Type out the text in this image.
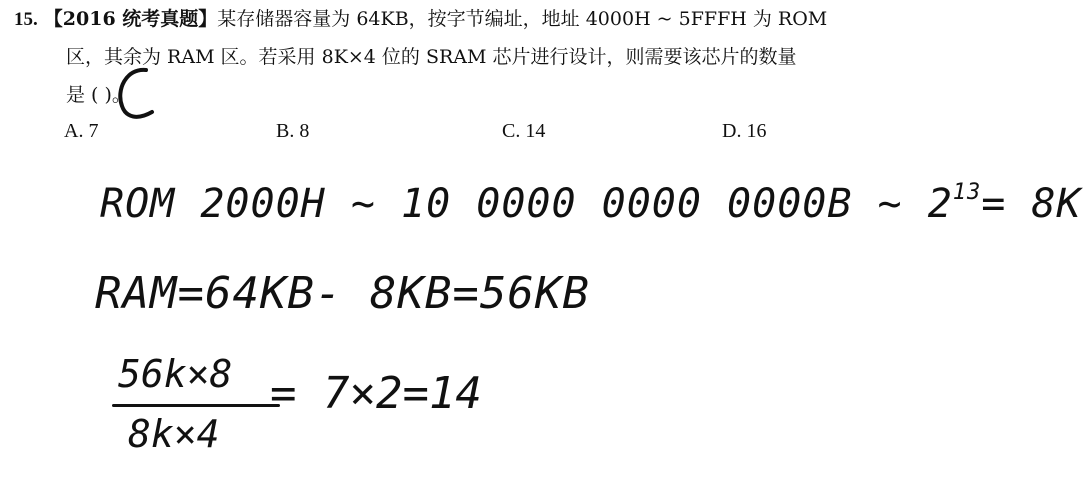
15. 【2016 统考真题】某存储器容量为 64KB，按字节编址，地址 4000H ~ 5FFFH 为 ROM
区，其余为 RAM 区。若采用 8K×4 位的 SRAM 芯片进行设计，则需要该芯片的数量
是 ( )。
A. 7	B. 8	C. 14	D. 16
ROM 2000H ~ 10 0000 0000 0000B ~ $2^{13}= 8K$
RAM=64KB- 8KB=56KB
56k×8
8k×4
= 7×2=14
